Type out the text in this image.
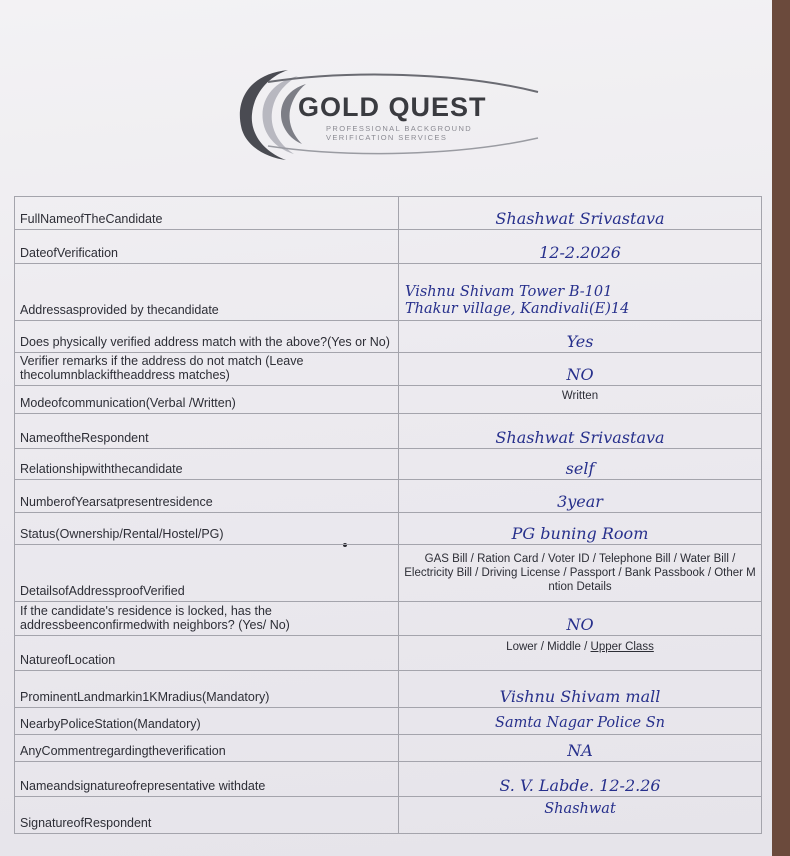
GOLD QUEST
PROFESSIONAL BACKGROUND
VERIFICATION SERVICES
FullNameofTheCandidate	Shashwat Srivastava
DateofVerification	12-2.2026
Addressasprovided by thecandidate	Vishnu Shivam Tower B-101
Thakur village, Kandivali(E)14

Does physically verified address match with the above?(Yes or No)	Yes
Verifier remarks if the address do not match (Leave thecolumnblackiftheaddress matches)	NO
Modeofcommunication(Verbal /Written)	Written
NameoftheRespondent	Shashwat Srivastava
Relationshipwiththecandidate	self
NumberofYearsatpresentresidence	3year
Status(Ownership/Rental/Hostel/PG)	PG buning Room
DetailsofAddressproofVerified	GAS Bill / Ration Card / Voter ID / Telephone Bill / Water Bill / Electricity Bill / Driving License / Passport / Bank Passbook / Other M ntion Details
If the candidate's residence is locked, has the addressbeenconfirmedwith neighbors? (Yes/ No)	NO
NatureofLocation	Lower / Middle / Upper Class
ProminentLandmarkin1KMradius(Mandatory)	Vishnu Shivam mall
NearbyPoliceStation(Mandatory)	Samta Nagar Police Sn
AnyCommentregardingtheverification	NA
Nameandsignatureofrepresentative withdate	S. V. Labde. 12-2.26
SignatureofRespondent	Shashwat
